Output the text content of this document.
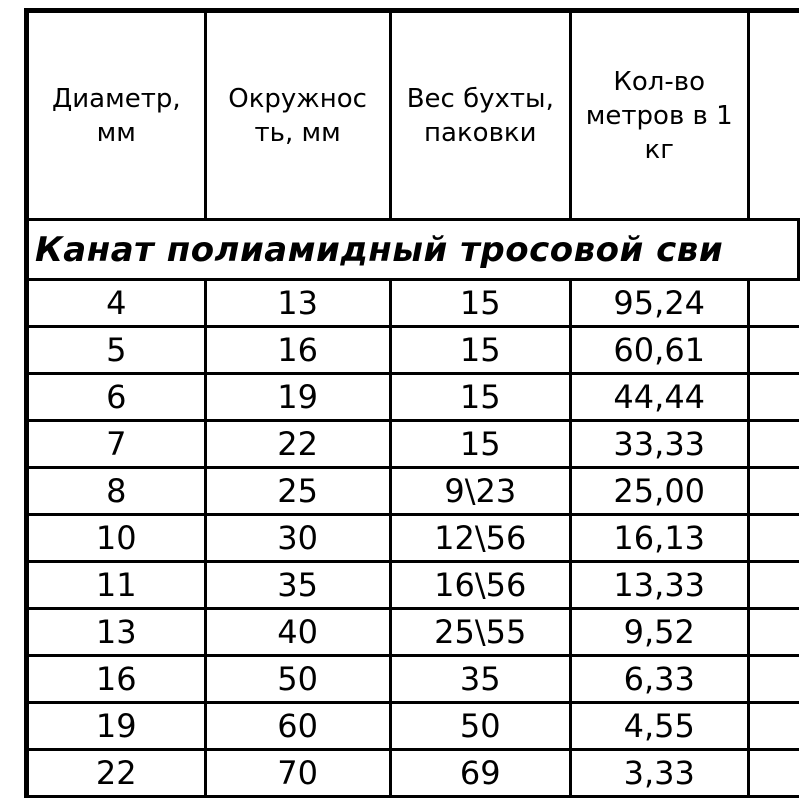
Диаметр, мм	Окружнос ть, мм	Вес бухты, паковки	Кол-во метров в 1 кг	
Канат полиамидный тросовой сви				
4	13	15	95,24	
5	16	15	60,61	
6	19	15	44,44	
7	22	15	33,33	
8	25	9\23	25,00	
10	30	12\56	16,13	
11	35	16\56	13,33	
13	40	25\55	9,52	
16	50	35	6,33	
19	60	50	4,55	
22	70	69	3,33	
